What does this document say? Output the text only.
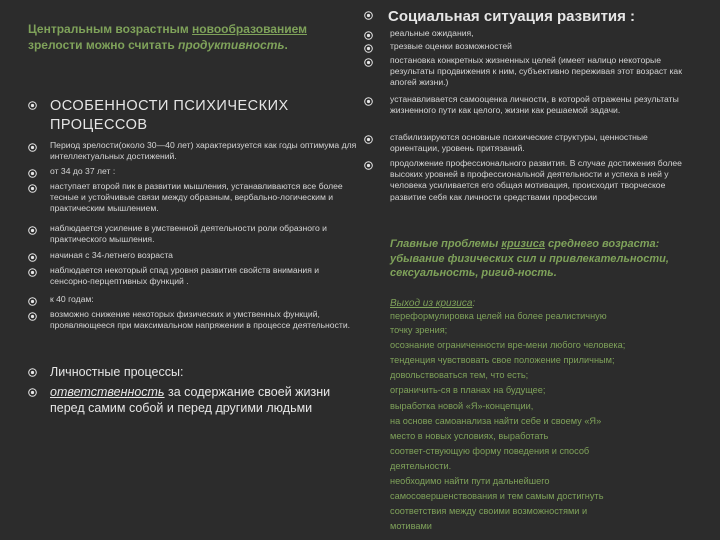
Центральным возрастным новообразованием зрелости можно считать продуктивность.
ОСОБЕННОСТИ ПСИХИЧЕСКИХ ПРОЦЕССОВ
Период зрелости(около 30—40 лет) характеризуется как годы оптимума для интеллектуальных достижений.
от 34 до 37 лет :
наступает второй пик в развитии мышления, устанавливаются все более тесные и устойчивые связи между образным, вербально-логическим и практическим мышлением.
наблюдается усиление в умственной деятельности роли образного и практического мышления.
начиная с 34-летнего возраста
наблюдается некоторый спад уровня развития свойств внимания и сенсорно-перцептивных функций .
к 40 годам:
возможно снижение некоторых физических и умственных функций, проявляющееся при максимальном напряжении в процессе деятельности.
Личностные процессы:
ответственность за содержание своей жизни перед самим собой и перед другими людьми
Социальная ситуация развития :
реальные ожидания,
трезвые оценки возможностей
постановка конкретных жизненных целей (имеет налицо некоторые результаты продвижения к ним, субъективно переживая этот возраст как апогей жизни.)
устанавливается самооценка личности, в которой отражены результаты жизненного пути как целого, жизни как решаемой задачи.
стабилизируются основные психические структуры, ценностные ориентации, уровень притязаний.
продолжение профессионального развития. В случае достижения более высоких уровней в профессиональной деятельности и успеха в ней у человека усиливается его общая мотивация, происходит творческое развитие себя как личности средствами профессии
Главные проблемы кризиса среднего возраста: убывание физических сил и привлекательности, сексуальность, ригид-ность.
Выход из кризиса:
переформулировка целей на более реалистичную
точку зрения;
осознание ограниченности вре-мени любого человека;
тенденция чувствовать свое положение приличным;
довольствоваться тем, что есть;
ограничить-ся в планах на будущее;
выработка новой «Я»-концепции,
на основе самоанализа найти себе и своему «Я»
место в новых условиях, выработать
соответ-ствующую форму поведения и способ
деятельности.
необходимо найти пути дальнейшего
самосовершенствования и тем самым достигнуть
соответствия между своими возможностями и
мотивами
